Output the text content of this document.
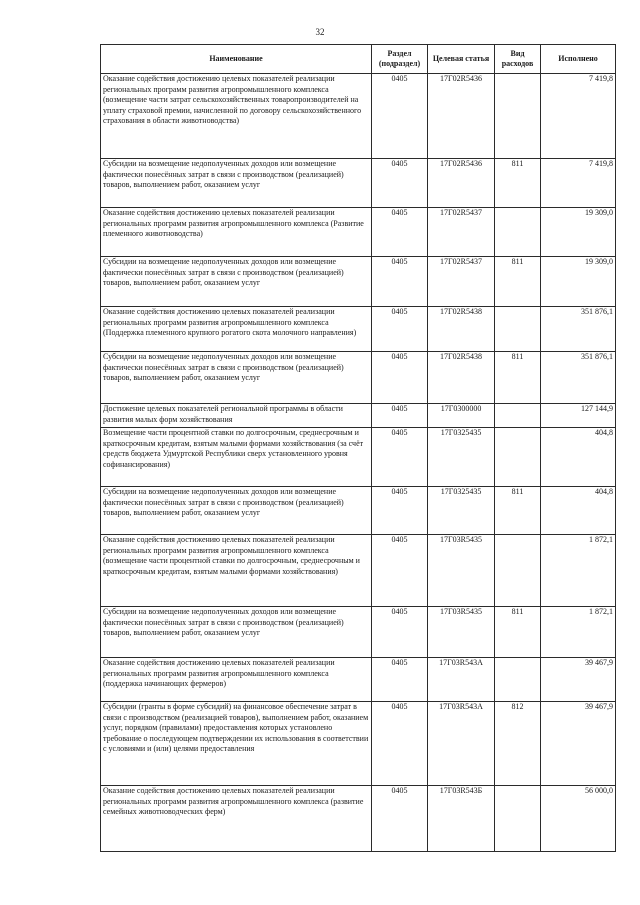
32
Наименование	Раздел (подраздел)	Целевая статья	Вид расходов	Исполнено
Оказание содействия достижению целевых показателей реализации региональных программ развития агропромышленного комплекса (возмещение части затрат сельскохозяйственных товаропроизводителей на уплату страховой премии, начисленной по договору сельскохозяйственного страхования в области животноводства)	0405	17Г02R5436		7 419,8
Субсидии на возмещение недополученных доходов или возмещение фактически понесённых затрат в связи с производством (реализацией) товаров, выполнением работ, оказанием услуг	0405	17Г02R5436	811	7 419,8
Оказание содействия достижению целевых показателей реализации региональных программ развития агропромышленного комплекса (Развитие племенного животноводства)	0405	17Г02R5437		19 309,0
Субсидии на возмещение недополученных доходов или возмещение фактически понесённых затрат в связи с производством (реализацией) товаров, выполнением работ, оказанием услуг	0405	17Г02R5437	811	19 309,0
Оказание содействия достижению целевых показателей реализации региональных программ развития агропромышленного комплекса (Поддержка племенного крупного рогатого скота молочного направления)	0405	17Г02R5438		351 876,1
Субсидии на возмещение недополученных доходов или возмещение фактически понесённых затрат в связи с производством (реализацией) товаров, выполнением работ, оказанием услуг	0405	17Г02R5438	811	351 876,1
Достижение целевых показателей региональной программы в области развития малых форм хозяйствования	0405	17Г0300000		127 144,9
Возмещение части процентной ставки по долгосрочным, среднесрочным и краткосрочным кредитам, взятым малыми формами хозяйствования (за счёт средств бюджета Удмуртской Республики сверх установленного уровня софинансирования)	0405	17Г0325435		404,8
Субсидии на возмещение недополученных доходов или возмещение фактически понесённых затрат в связи с производством (реализацией) товаров, выполнением работ, оказанием услуг	0405	17Г0325435	811	404,8
Оказание содействия достижению целевых показателей реализации региональных программ развития агропромышленного комплекса (возмещение части процентной ставки по долгосрочным, среднесрочным и краткосрочным кредитам, взятым малыми формами хозяйствования)	0405	17Г03R5435		1 872,1
Субсидии на возмещение недополученных доходов или возмещение фактически понесённых затрат в связи с производством (реализацией) товаров, выполнением работ, оказанием услуг	0405	17Г03R5435	811	1 872,1
Оказание содействия достижению целевых показателей реализации региональных программ развития агропромышленного комплекса (поддержка начинающих фермеров)	0405	17Г03R543А		39 467,9
Субсидии (гранты в форме субсидий) на финансовое обеспечение затрат в связи с производством (реализацией товаров), выполнением работ, оказанием услуг, порядком (правилами) предоставления которых установлено требование о последующем подтверждении их использования в соответствии с условиями и (или) целями предоставления	0405	17Г03R543А	812	39 467,9
Оказание содействия достижению целевых показателей реализации региональных программ развития агропромышленного комплекса (развитие семейных животноводческих ферм)	0405	17Г03R543Б		56 000,0
